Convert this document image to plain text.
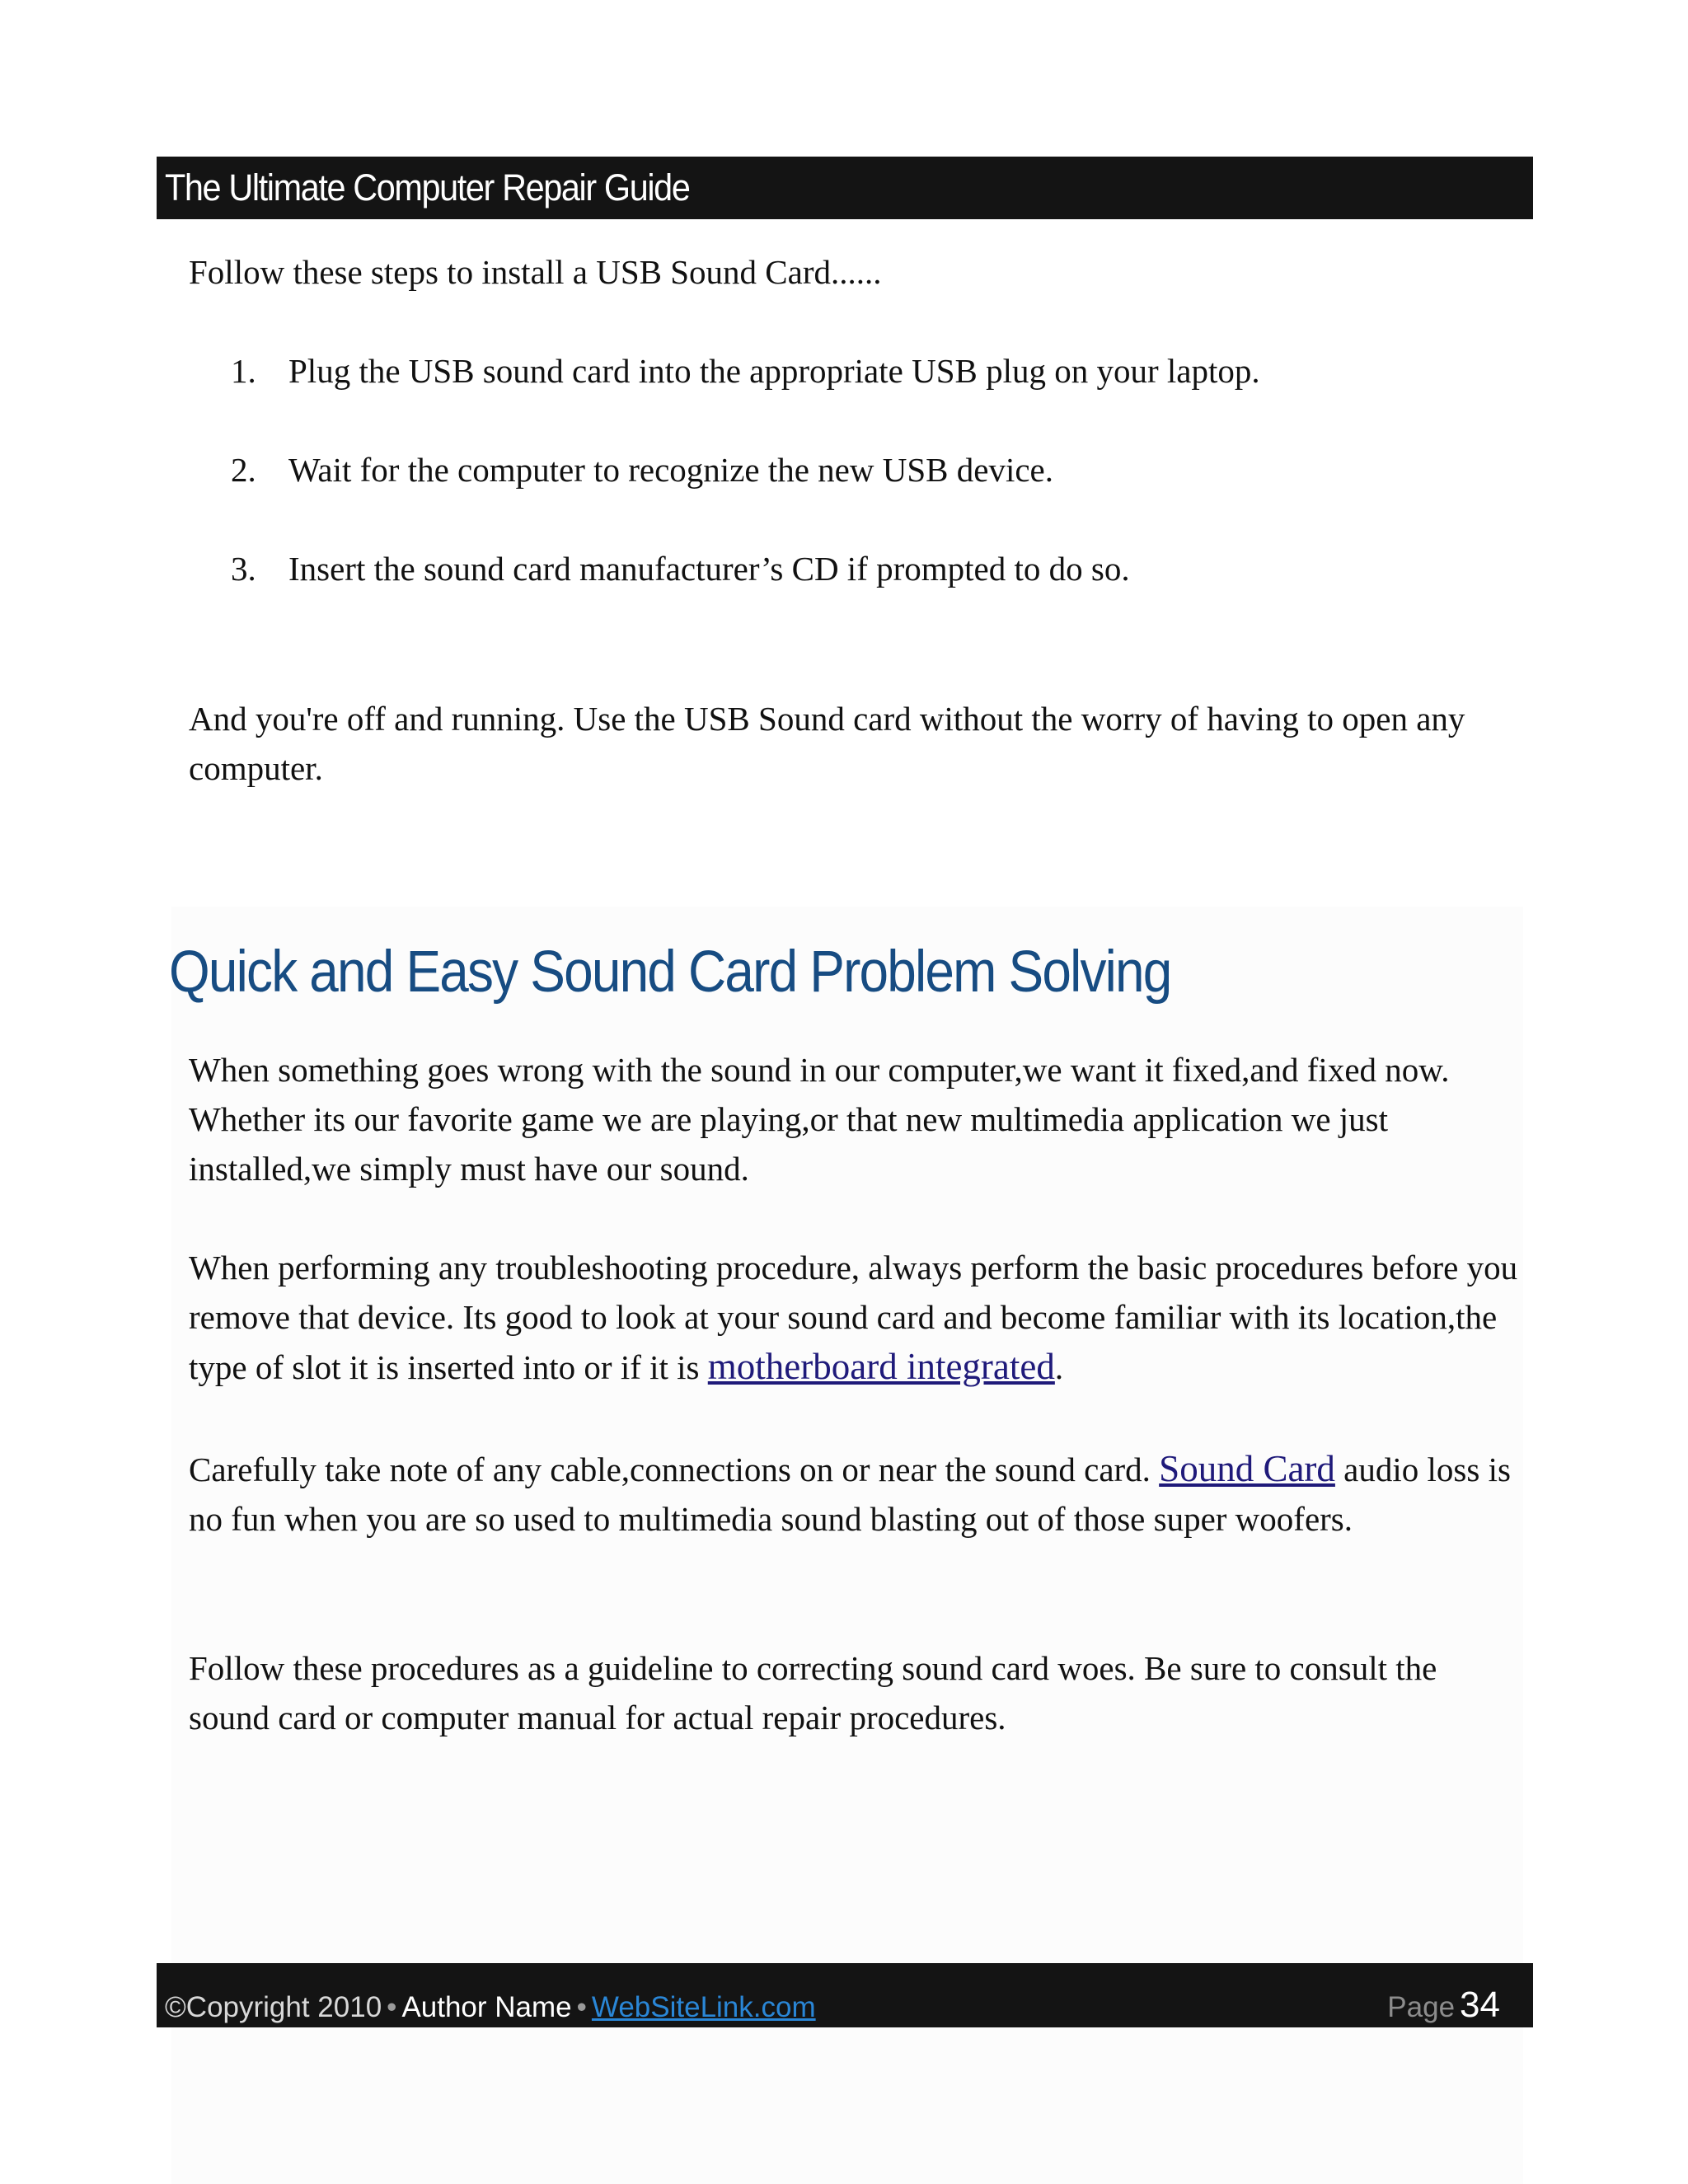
The Ultimate Computer Repair Guide
Follow these steps to install a USB Sound Card......
1. Plug the USB sound card into the appropriate USB plug on your laptop.
2. Wait for the computer to recognize the new USB device.
3. Insert the sound card manufacturer’s CD if prompted to do so.
And you're off and running. Use the USB Sound card without the worry of having to open any computer.
Quick and Easy Sound Card Problem Solving
When something goes wrong with the sound in our computer,we want it fixed,and fixed now. Whether its our favorite game we are playing,or that new multimedia application we just installed,we simply must have our sound.
When performing any troubleshooting procedure, always perform the basic procedures before you remove that device. Its good to look at your sound card and become familiar with its location,the type of slot it is inserted into or if it is motherboard integrated.
Carefully take note of any cable,connections on or near the sound card. Sound Card audio loss is no fun when you are so used to multimedia sound blasting out of those super woofers.
Follow these procedures as a guideline to correcting sound card woes. Be sure to consult the sound card or computer manual for actual repair procedures.
©Copyright 2010 • Author Name • WebSiteLink.com	Page 34
